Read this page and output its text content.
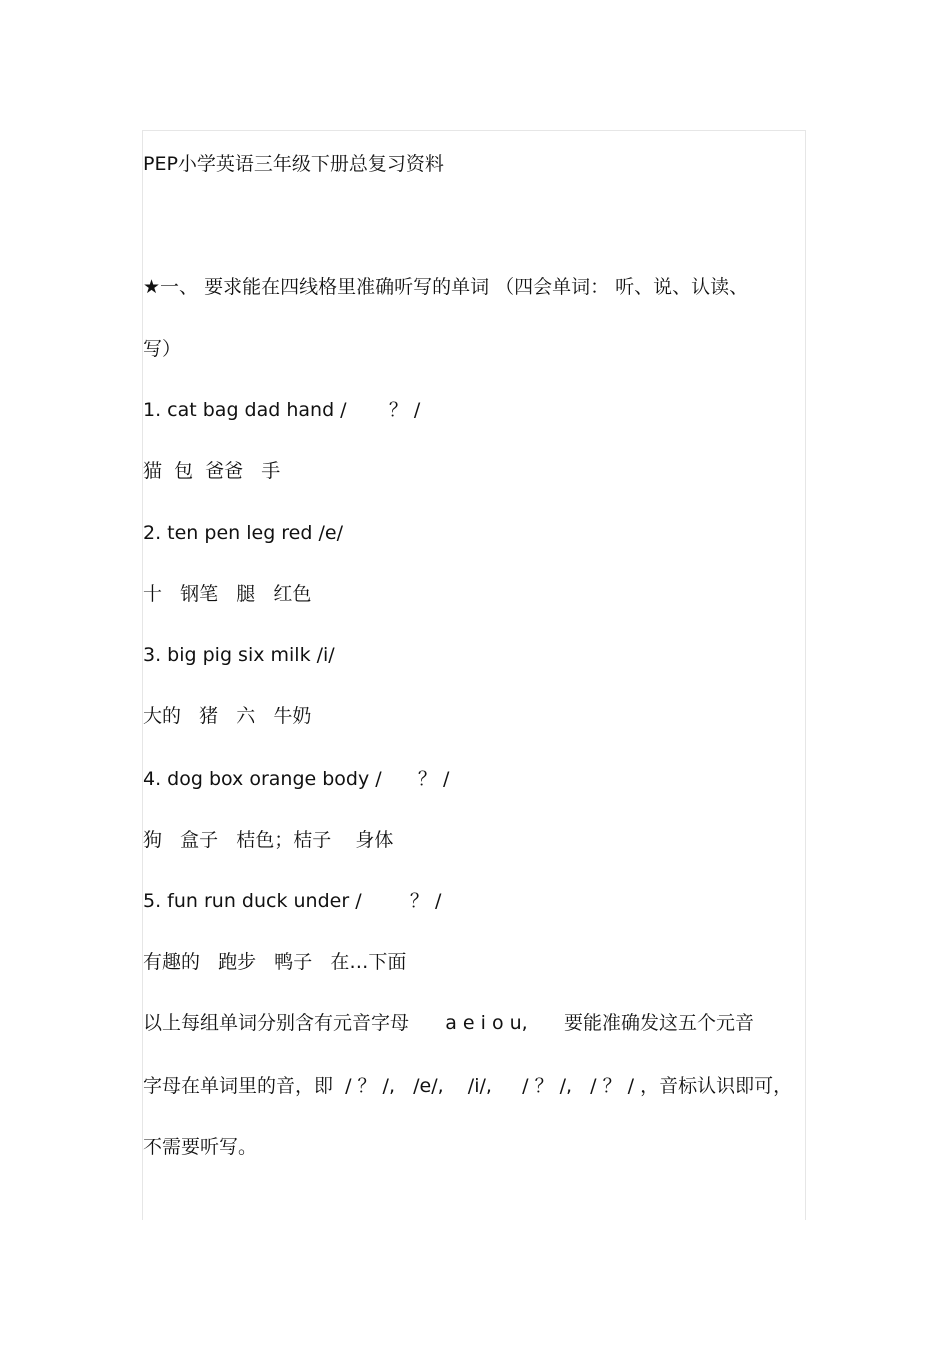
PEP小学英语三年级下册总复习资料
★一、 要求能在四线格里准确听写的单词 （四会单词： 听、说、认读、
写）
1. cat bag dad hand /       ？ /
猫  包  爸爸   手
2. ten pen leg red /e/
十   钢笔   腿   红色
3. big pig six milk /i/
大的   猪   六   牛奶
4. dog box orange body /      ？ /
狗   盒子   桔色；桔子    身体
5. fun run duck under /        ？ /
有趣的   跑步   鸭子   在…下面
以上每组单词分别含有元音字母      a e i o u,      要能准确发这五个元音
字母在单词里的音，即  / ？ /,   /e/,    /i/,     / ？ /,   / ？ / ，音标认识即可，
不需要听写。
